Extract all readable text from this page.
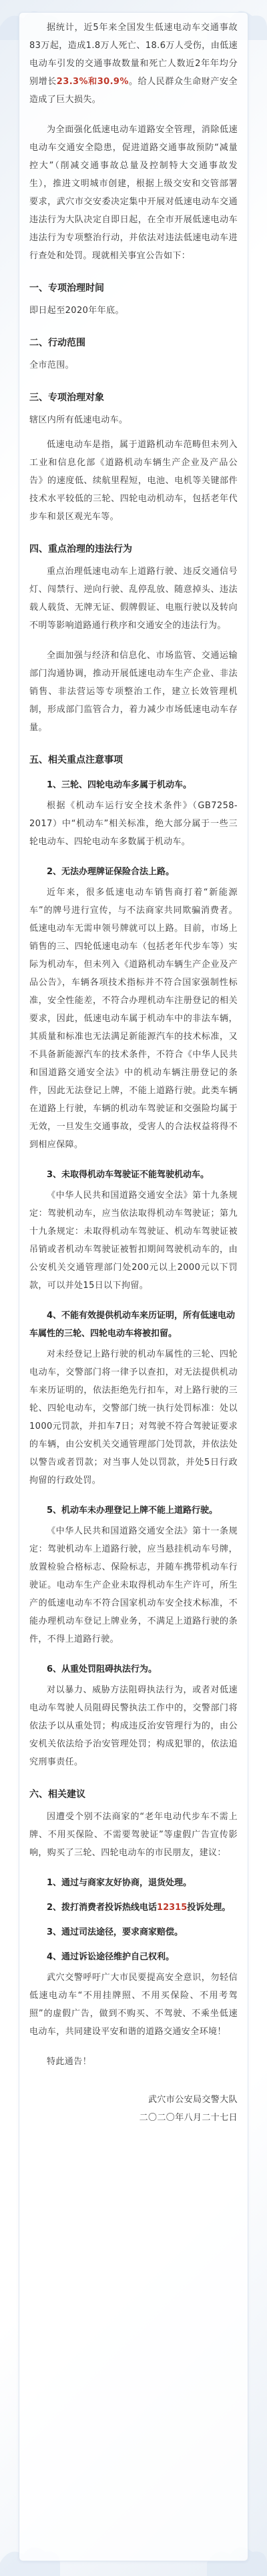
据统计，近5年来全国发生低速电动车交通事故83万起，造成1.8万人死亡、18.6万人受伤，由低速电动车引发的交通事故数量和死亡人数近2年年均分别增长23.3%和30.9%。给人民群众生命财产安全造成了巨大损失。

为全面强化低速电动车道路安全管理，消除低速电动车交通安全隐患，促进道路交通事故预防“减量控大”（削减交通事故总量及控制特大交通事故发生），推进文明城市创建，根据上级交安和交管部署要求，武穴市交安委决定集中开展对低速电动车交通违法行为大队决定自即日起，在全市开展低速电动车违法行为专项整治行动，并依法对违法低速电动车进行查处和处罚。现就相关事宜公告如下：

一、专项治理时间

即日起至2020年年底。

二、行动范围

全市范围。

三、专项治理对象

辖区内所有低速电动车。

低速电动车是指，属于道路机动车范畴但未列入工业和信息化部《道路机动车辆生产企业及产品公告》的速度低、续航里程短，电池、电机等关键部件技术水平较低的三轮、四轮电动机动车，包括老年代步车和景区观光车等。

四、重点治理的违法行为

重点治理低速电动车上道路行驶、违反交通信号灯、闯禁行、逆向行驶、乱停乱放、随意掉头、违法载人载货、无牌无证、假牌假证、电瓶行驶以及转向不明等影响道路通行秩序和交通安全的违法行为。

全面加强与经济和信息化、市场监管、交通运输部门沟通协调，推动开展低速电动车生产企业、非法销售、非法营运等专项整治工作，建立长效管理机制，形成部门监管合力，着力减少市场低速电动车存量。

五、相关重点注意事项
1、三轮、四轮电动车多属于机动车。

根据《机动车运行安全技术条件》（GB7258-2017）中“机动车”相关标准，绝大部分属于一些三轮电动车、四轮电动车多数属于机动车。

2、无法办理牌证保险合法上路。

近年来，很多低速电动车销售商打着“新能源车”的牌号进行宣传，与不法商家共同欺骗消费者。低速电动车无需申领号牌就可以上路。目前，市场上销售的三、四轮低速电动车（包括老年代步车等）实际为机动车，但未列入《道路机动车辆生产企业及产品公告》，车辆各项技术指标并不符合国家强制性标准，安全性能差，不符合办理机动车注册登记的相关要求，因此，低速电动车属于机动车中的非法车辆，其质量和标准也无法满足新能源汽车的技术标准，又不具备新能源汽车的技术条件，不符合《中华人民共和国道路交通安全法》中的机动车辆注册登记的条件，因此无法登记上牌，不能上道路行驶。此类车辆在道路上行驶，车辆的机动车驾驶证和交强险均属于无效，一旦发生交通事故，受害人的合法权益将得不到相应保障。

3、未取得机动车驾驶证不能驾驶机动车。

《中华人民共和国道路交通安全法》第十九条规定：驾驶机动车，应当依法取得机动车驾驶证；第九十九条规定：未取得机动车驾驶证、机动车驾驶证被吊销或者机动车驾驶证被暂扣期间驾驶机动车的，由公安机关交通管理部门处200元以上2000元以下罚款，可以并处15日以下拘留。

4、不能有效提供机动车来历证明，所有低速电动车属性的三轮、四轮电动车将被扣留。

对未经登记上路行驶的机动车属性的三轮、四轮电动车，交警部门将一律予以查扣，对无法提供机动车来历证明的，依法拒绝先行扣车，对上路行驶的三轮、四轮电动车，交警部门统一执行处罚标准：处以1000元罚款，并扣车7日；对驾驶不符合驾驶证要求的车辆，由公安机关交通管理部门处罚款，并依法处以警告或者罚款；对当事人处以罚款，并处5日行政拘留的行政处罚。

5、机动车未办理登记上牌不能上道路行驶。

《中华人民共和国道路交通安全法》第十一条规定：驾驶机动车上道路行驶，应当悬挂机动车号牌，放置检验合格标志、保险标志，并随车携带机动车行驶证。电动车生产企业未取得机动车生产许可，所生产的低速电动车不符合国家机动车安全技术标准，不能办理机动车登记上牌业务，不满足上道路行驶的条件，不得上道路行驶。

6、从重处罚阻碍执法行为。

对以暴力、威胁方法阻碍执法行为，或者对低速电动车驾驶人员阻碍民警执法工作中的，交警部门将依法予以从重处罚；构成违反治安管理行为的，由公安机关依法给予治安管理处罚；构成犯罪的，依法追究刑事责任。

六、相关建议

因遭受个别不法商家的“老年电动代步车不需上牌、不用买保险、不需要驾驶证”等虚假广告宣传影响，购买了三轮、四轮电动车的市民朋友，建议：

1、通过与商家友好协商，退货处理。
2、拨打消费者投诉热线电话12315投诉处理。
3、通过司法途径，要求商家赔偿。
4、通过诉讼途径维护自己权利。

武穴交警呼吁广大市民要提高安全意识，勿轻信低速电动车“不用挂牌照、不用买保险、不用考驾照”的虚假广告，做到不购买、不驾驶、不乘坐低速电动车，共同建设平安和谐的道路交通安全环境！

特此通告！

武穴市公安局交警大队
二〇二〇年八月二十七日
